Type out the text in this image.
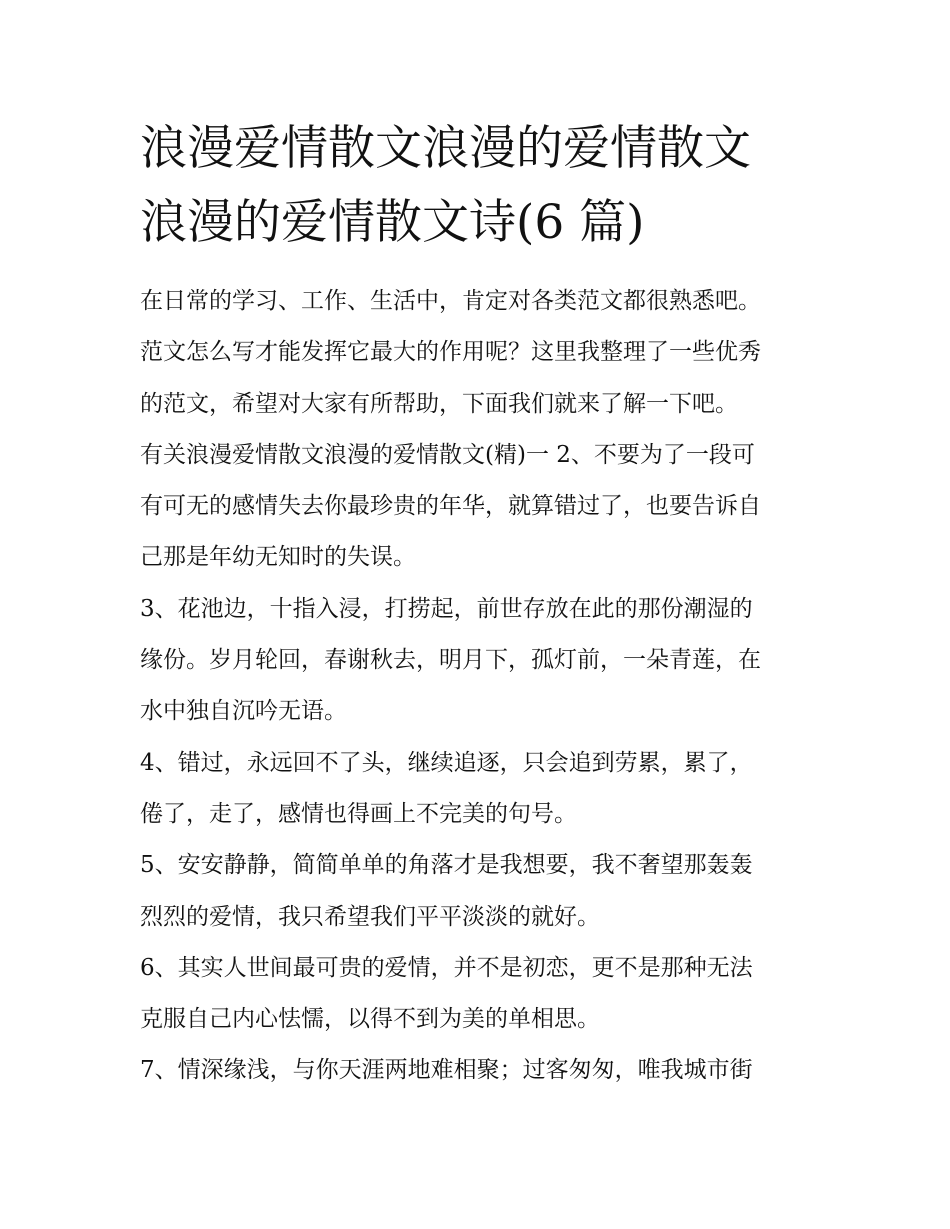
浪漫爱情散文浪漫的爱情散文
浪漫的爱情散文诗(6 篇)
在日常的学习、工作、生活中，肯定对各类范文都很熟悉吧。
范文怎么写才能发挥它最大的作用呢？这里我整理了一些优秀
的范文，希望对大家有所帮助，下面我们就来了解一下吧。
有关浪漫爱情散文浪漫的爱情散文(精)一 2、不要为了一段可
有可无的感情失去你最珍贵的年华，就算错过了，也要告诉自
己那是年幼无知时的失误。
3、花池边，十指入浸，打捞起，前世存放在此的那份潮湿的
缘份。岁月轮回，春谢秋去，明月下，孤灯前，一朵青莲，在
水中独自沉吟无语。
4、错过，永远回不了头，继续追逐，只会追到劳累，累了，
倦了，走了，感情也得画上不完美的句号。
5、安安静静，简简单单的角落才是我想要，我不奢望那轰轰
烈烈的爱情，我只希望我们平平淡淡的就好。
6、其实人世间最可贵的爱情，并不是初恋，更不是那种无法
克服自己内心怯懦，以得不到为美的单相思。
7、情深缘浅，与你天涯两地难相聚；过客匆匆，唯我城市街
